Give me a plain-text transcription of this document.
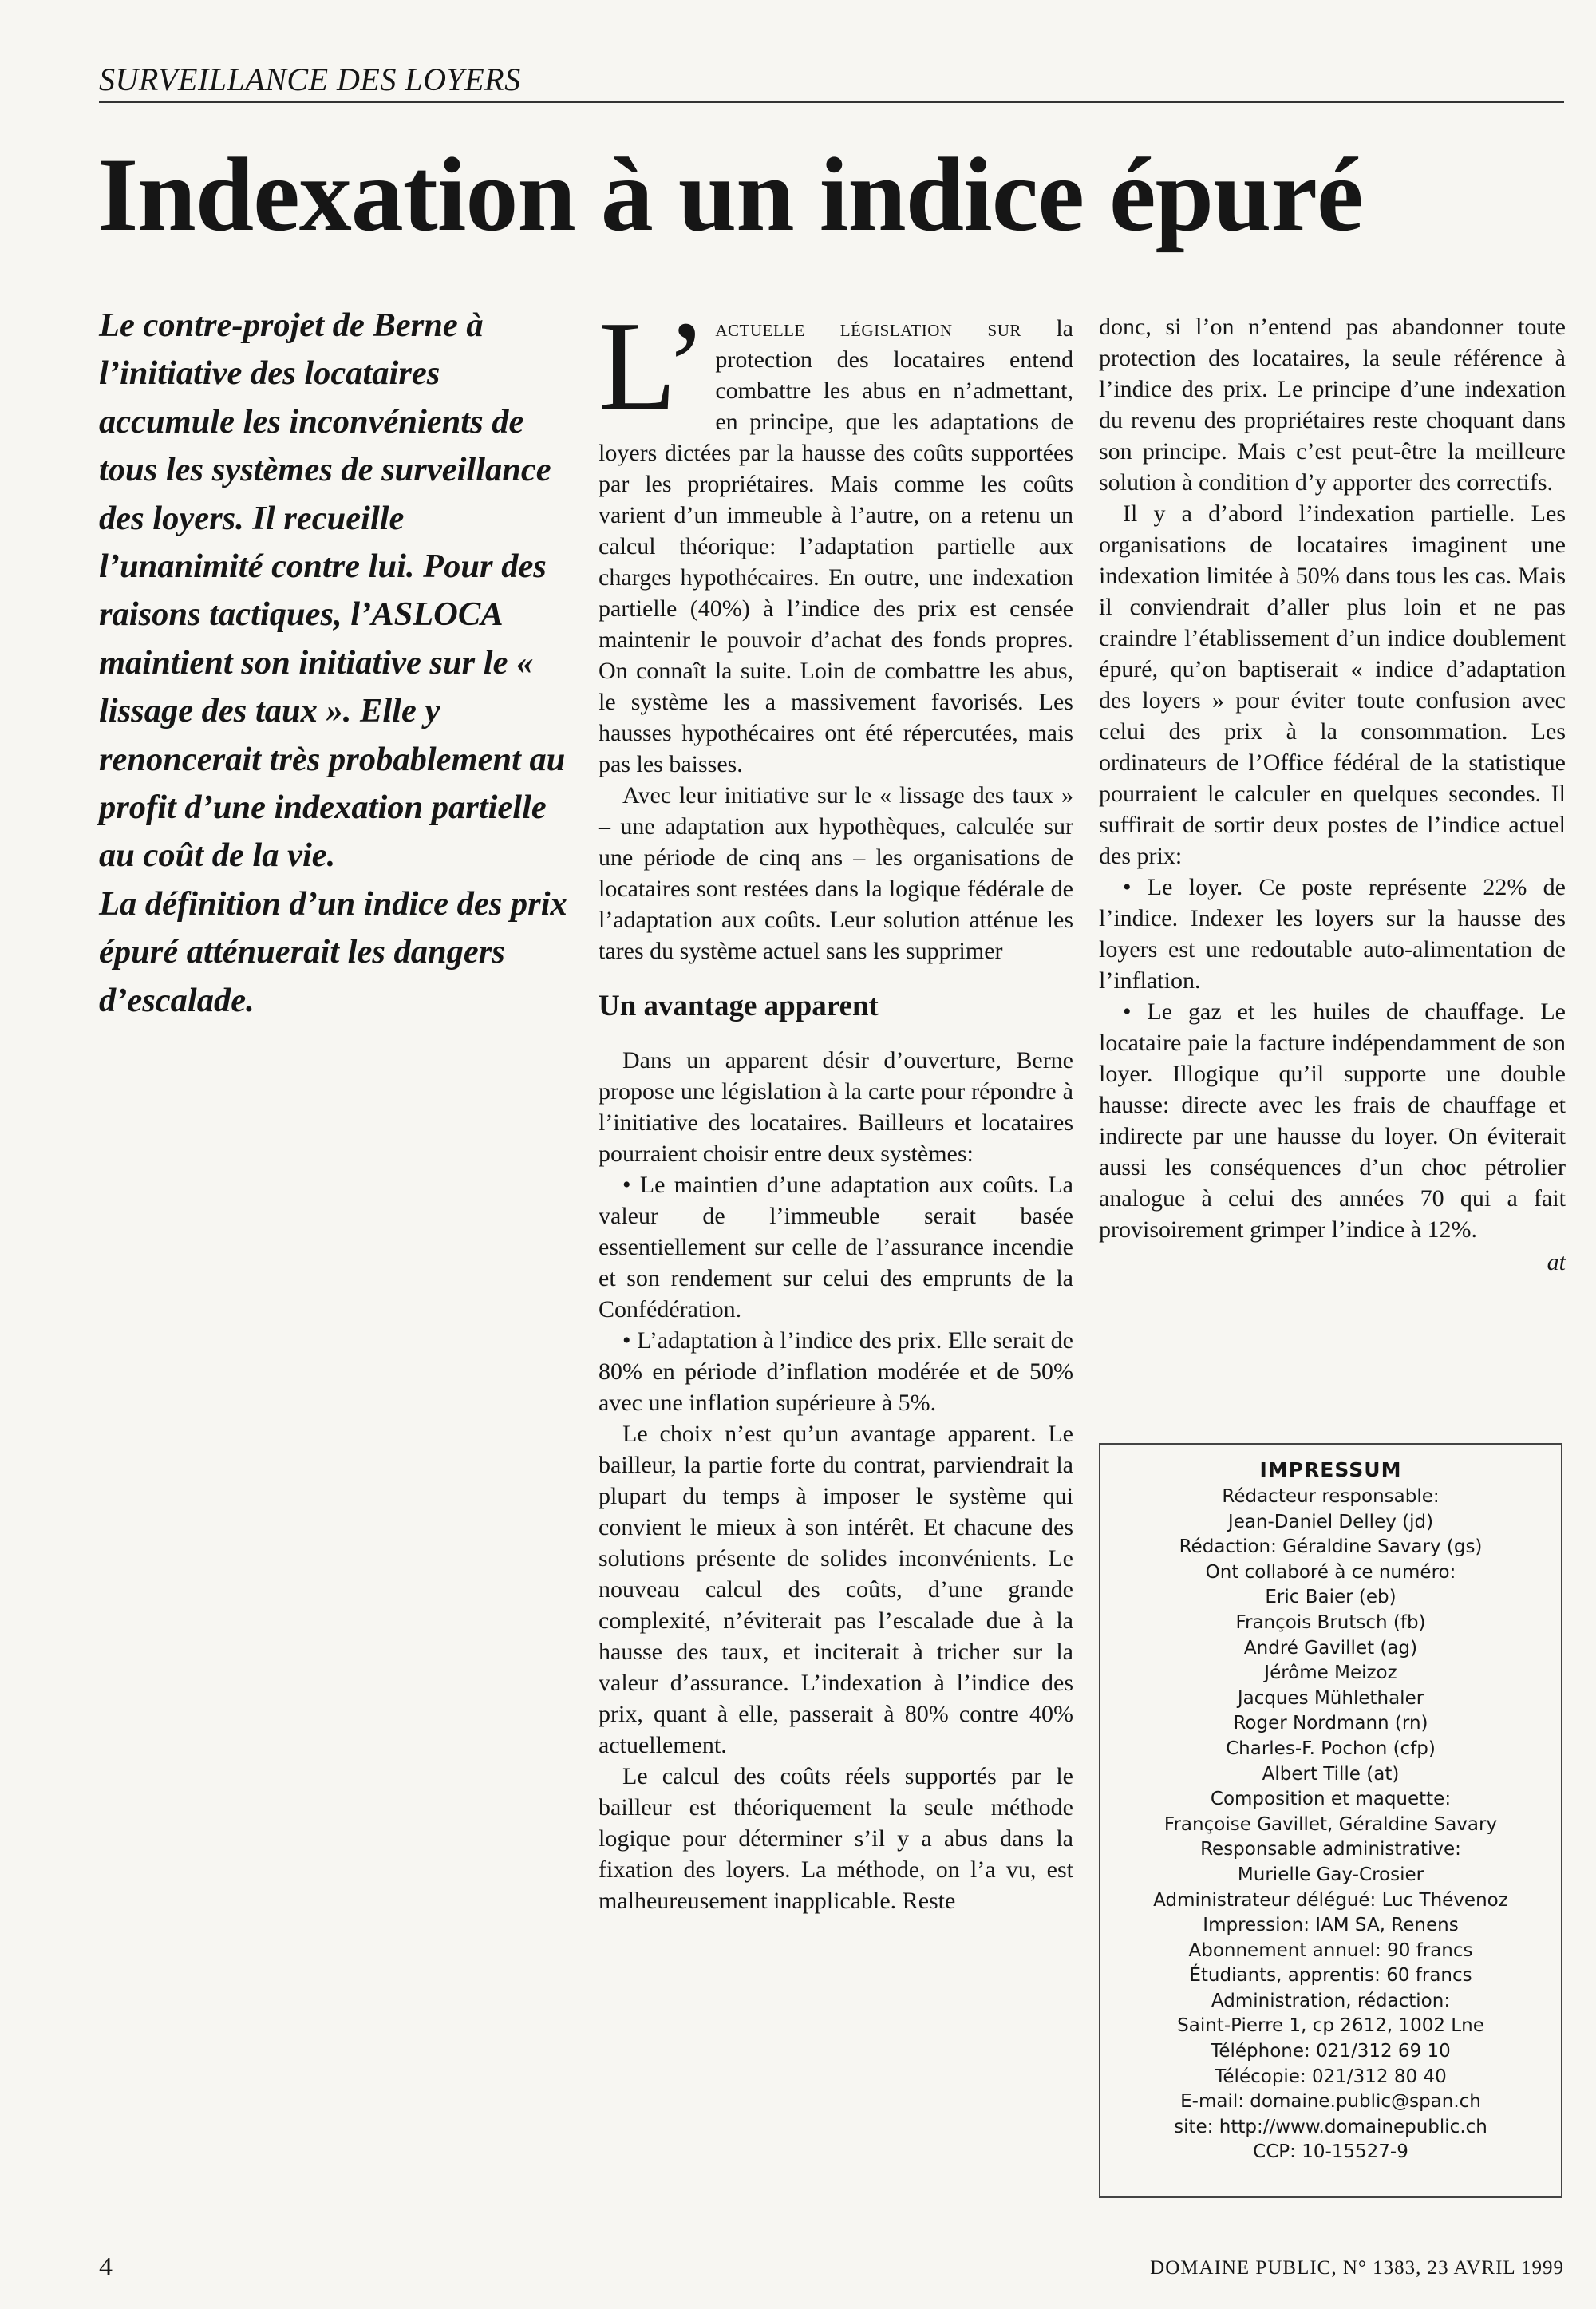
SURVEILLANCE DES LOYERS
Indexation à un indice épuré

Le contre-projet de Berne à l’initiative des locataires accumule les inconvénients de tous les systèmes de surveillance des loyers. Il recueille l’unanimité contre lui. Pour des raisons tactiques, l’ASLOCA maintient son initiative sur le « lissage des taux ». Elle y renoncerait très probablement au profit d’une indexation partielle au coût de la vie.

La définition d’un indice des prix épuré atténuerait les dangers d’escalade.

L’ actuelle législation sur la protection des locataires entend combattre les abus en n’admettant, en principe, que les adaptations de loyers dictées par la hausse des coûts supportées par les propriétaires. Mais comme les coûts varient d’un immeuble à l’autre, on a retenu un calcul théorique: l’adaptation partielle aux charges hypothécaires. En outre, une indexation partielle (40%) à l’indice des prix est censée maintenir le pouvoir d’achat des fonds propres. On connaît la suite. Loin de combattre les abus, le système les a massivement favorisés. Les hausses hypothécaires ont été répercutées, mais pas les baisses.

Avec leur initiative sur le « lissage des taux » – une adaptation aux hypothèques, calculée sur une période de cinq ans – les organisations de locataires sont restées dans la logique fédérale de l’adaptation aux coûts. Leur solution atténue les tares du système actuel sans les supprimer

Un avantage apparent

Dans un apparent désir d’ouverture, Berne propose une législation à la carte pour répondre à l’initiative des locataires. Bailleurs et locataires pourraient choisir entre deux systèmes:

• Le maintien d’une adaptation aux coûts. La valeur de l’immeuble serait basée essentiellement sur celle de l’assurance incendie et son rendement sur celui des emprunts de la Confédération.

• L’adaptation à l’indice des prix. Elle serait de 80% en période d’inflation modérée et de 50% avec une inflation supérieure à 5%.

Le choix n’est qu’un avantage apparent. Le bailleur, la partie forte du contrat, parviendrait la plupart du temps à imposer le système qui convient le mieux à son intérêt. Et chacune des solutions présente de solides inconvénients. Le nouveau calcul des coûts, d’une grande complexité, n’éviterait pas l’escalade due à la hausse des taux, et inciterait à tricher sur la valeur d’assurance. L’indexation à l’indice des prix, quant à elle, passerait à 80% contre 40% actuellement.

Le calcul des coûts réels supportés par le bailleur est théoriquement la seule méthode logique pour déterminer s’il y a abus dans la fixation des loyers. La méthode, on l’a vu, est malheureusement inapplicable. Reste

donc, si l’on n’entend pas abandonner toute protection des locataires, la seule référence à l’indice des prix. Le principe d’une indexation du revenu des propriétaires reste choquant dans son principe. Mais c’est peut-être la meilleure solution à condition d’y apporter des correctifs.

Il y a d’abord l’indexation partielle. Les organisations de locataires imaginent une indexation limitée à 50% dans tous les cas. Mais il conviendrait d’aller plus loin et ne pas craindre l’établissement d’un indice doublement épuré, qu’on baptiserait « indice d’adaptation des loyers » pour éviter toute confusion avec celui des prix à la consommation. Les ordinateurs de l’Office fédéral de la statistique pourraient le calculer en quelques secondes. Il suffirait de sortir deux postes de l’indice actuel des prix:

• Le loyer. Ce poste représente 22% de l’indice. Indexer les loyers sur la hausse des loyers est une redoutable auto-alimentation de l’inflation.

• Le gaz et les huiles de chauffage. Le locataire paie la facture indépendamment de son loyer. Illogique qu’il supporte une double hausse: directe avec les frais de chauffage et indirecte par une hausse du loyer. On éviterait aussi les conséquences d’un choc pétrolier analogue à celui des années 70 qui a fait provisoirement grimper l’indice à 12%.

at
IMPRESSUM
Rédacteur responsable:
Jean-Daniel Delley (jd)
Rédaction: Géraldine Savary (gs)
Ont collaboré à ce numéro:
Eric Baier (eb)
François Brutsch (fb)
André Gavillet (ag)
Jérôme Meizoz
Jacques Mühlethaler
Roger Nordmann (rn)
Charles-F. Pochon (cfp)
Albert Tille (at)
Composition et maquette:
Françoise Gavillet, Géraldine Savary
Responsable administrative:
Murielle Gay-Crosier
Administrateur délégué: Luc Thévenoz
Impression: IAM SA, Renens
Abonnement annuel: 90 francs
Étudiants, apprentis: 60 francs
Administration, rédaction:
Saint-Pierre 1, cp 2612, 1002 Lne
Téléphone: 021/312 69 10
Télécopie: 021/312 80 40
E-mail: domaine.public@span.ch
site: http://www.domainepublic.ch
CCP: 10-15527-9
4	DOMAINE PUBLIC, N° 1383, 23 AVRIL 1999
